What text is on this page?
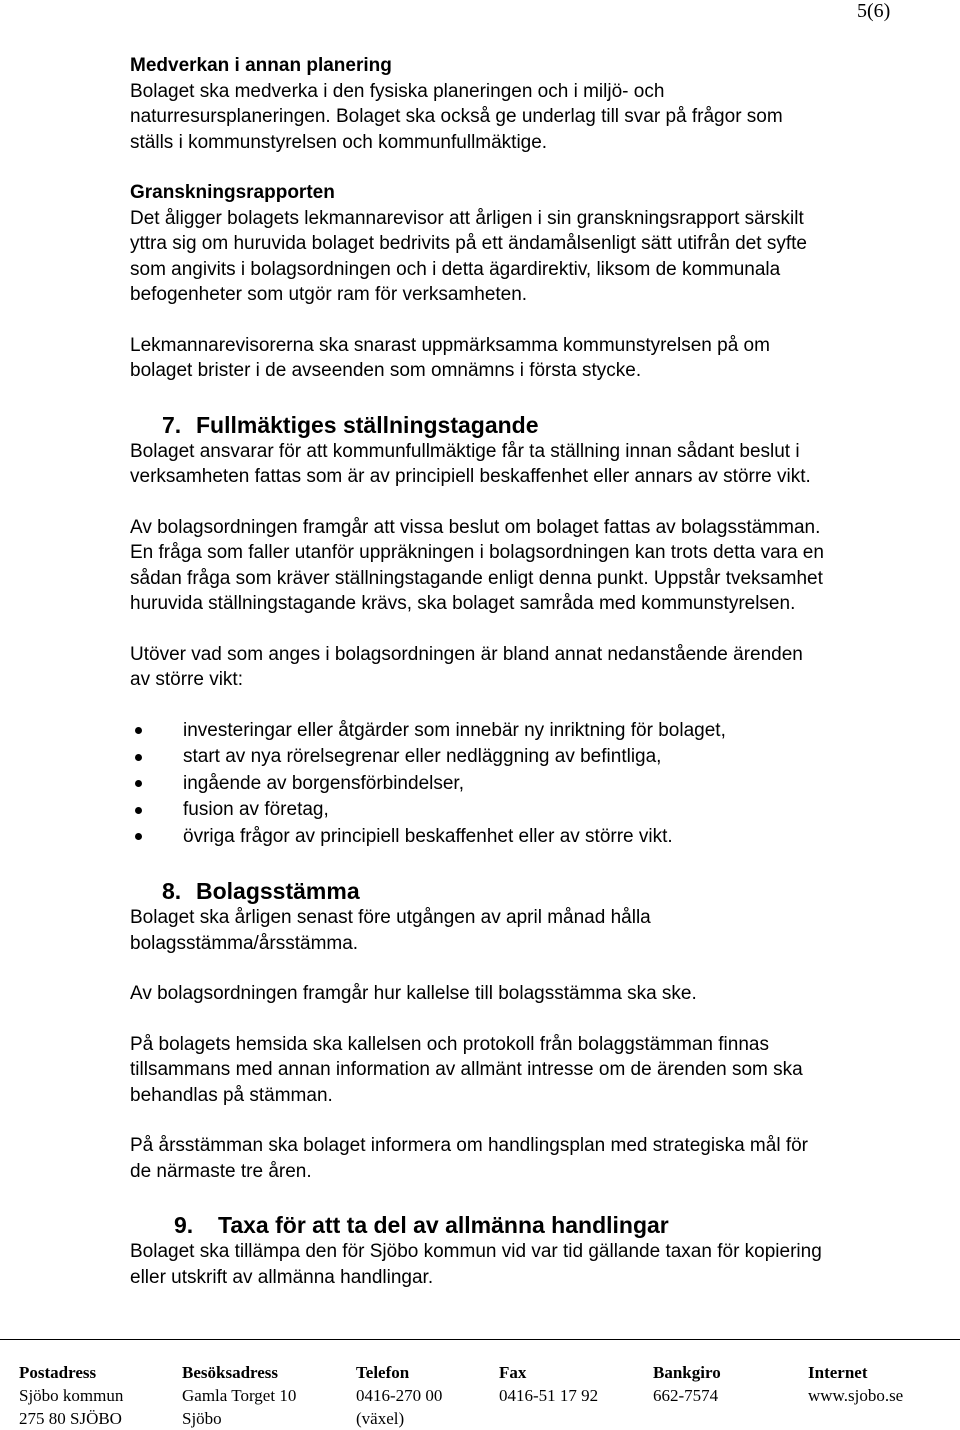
5(6)
Medverkan i annan planering
Bolaget ska medverka i den fysiska planeringen och i miljö- och
naturresursplaneringen. Bolaget ska också ge underlag till svar på frågor som
ställs i kommunstyrelsen och kommunfullmäktige.
Granskningsrapporten
Det åligger bolagets lekmannarevisor att årligen i sin granskningsrapport särskilt
yttra sig om huruvida bolaget bedrivits på ett ändamålsenligt sätt utifrån det syfte
som angivits i bolagsordningen och i detta ägardirektiv, liksom de kommunala
befogenheter som utgör ram för verksamheten.
Lekmannarevisorerna ska snarast uppmärksamma kommunstyrelsen på om
bolaget brister i de avseenden som omnämns i första stycke.
7. Fullmäktiges ställningstagande
Bolaget ansvarar för att kommunfullmäktige får ta ställning innan sådant beslut i
verksamheten fattas som är av principiell beskaffenhet eller annars av större vikt.
Av bolagsordningen framgår att vissa beslut om bolaget fattas av bolagsstämman.
En fråga som faller utanför uppräkningen i bolagsordningen kan trots detta vara en
sådan fråga som kräver ställningstagande enligt denna punkt. Uppstår tveksamhet
huruvida ställningstagande krävs, ska bolaget samråda med kommunstyrelsen.
Utöver vad som anges i bolagsordningen är bland annat nedanstående ärenden
av större vikt:
investeringar eller åtgärder som innebär ny inriktning för bolaget,
start av nya rörelsegrenar eller nedläggning av befintliga,
ingående av borgensförbindelser,
fusion av företag,
övriga frågor av principiell beskaffenhet eller av större vikt.
8. Bolagsstämma
Bolaget ska årligen senast före utgången av april månad hålla
bolagsstämma/årsstämma.
Av bolagsordningen framgår hur kallelse till bolagsstämma ska ske.
På bolagets hemsida ska kallelsen och protokoll från bolaggstämman finnas
tillsammans med annan information av allmänt intresse om de ärenden som ska
behandlas på stämman.
På årsstämman ska bolaget informera om handlingsplan med strategiska mål för
de närmaste tre åren.
9.	Taxa för att ta del av allmänna handlingar
Bolaget ska tillämpa den för Sjöbo kommun vid var tid gällande taxan för kopiering
eller utskrift av allmänna handlingar.
Postadress
Sjöbo kommun
275 80 SJÖBO
Besöksadress
Gamla Torget 10
Sjöbo
Telefon
0416-270 00
(växel)
Fax
0416-51 17 92
Bankgiro
662-7574
Internet
www.sjobo.se
